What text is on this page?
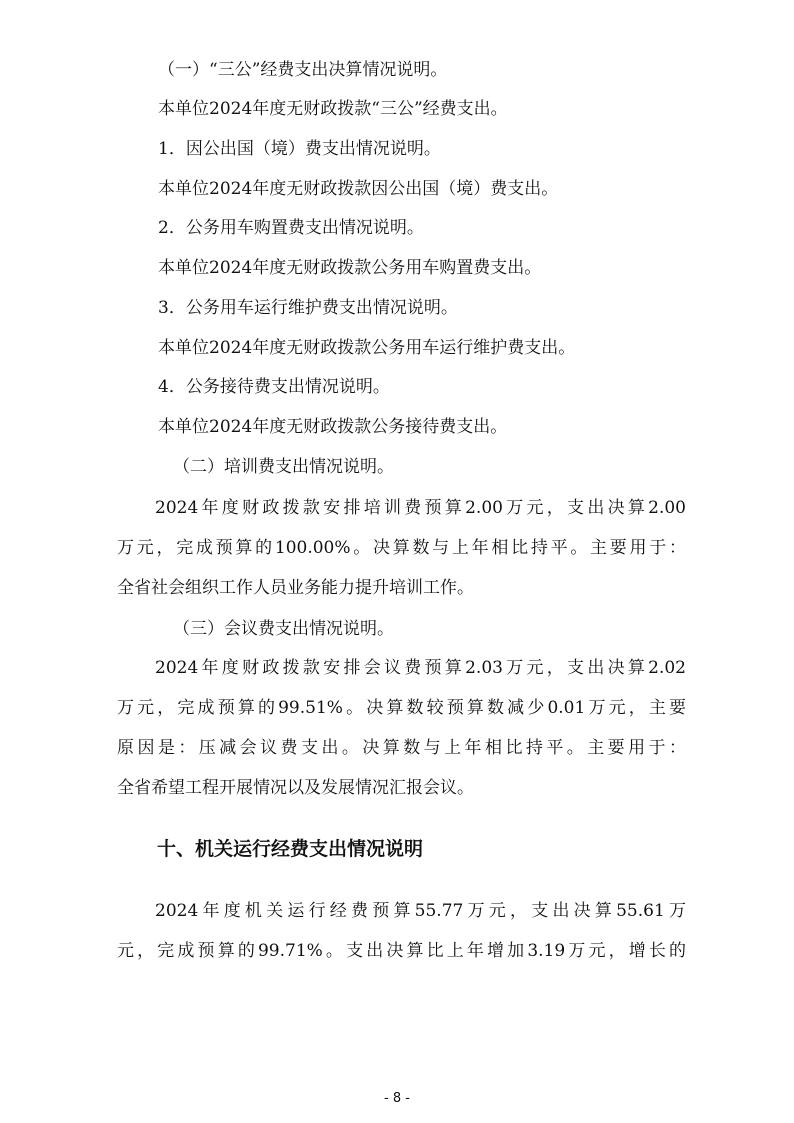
（一）“三公”经费支出决算情况说明。
本单位2024年度无财政拨款“三公”经费支出。
1．因公出国（境）费支出情况说明。
本单位2024年度无财政拨款因公出国（境）费支出。
2．公务用车购置费支出情况说明。
本单位2024年度无财政拨款公务用车购置费支出。
3．公务用车运行维护费支出情况说明。
本单位2024年度无财政拨款公务用车运行维护费支出。
4．公务接待费支出情况说明。
本单位2024年度无财政拨款公务接待费支出。
（二）培训费支出情况说明。
2024年度财政拨款安排培训费预算2.00万元，支出决算2.00
万元，完成预算的100.00%。决算数与上年相比持平。主要用于：
全省社会组织工作人员业务能力提升培训工作。
（三）会议费支出情况说明。
2024年度财政拨款安排会议费预算2.03万元，支出决算2.02
万元，完成预算的99.51%。决算数较预算数减少0.01万元，主要
原因是：压减会议费支出。决算数与上年相比持平。主要用于：
全省希望工程开展情况以及发展情况汇报会议。
十、机关运行经费支出情况说明
2024年度机关运行经费预算55.77万元，支出决算55.61万
元，完成预算的99.71%。支出决算比上年增加3.19万元，增长的
- 8 -
